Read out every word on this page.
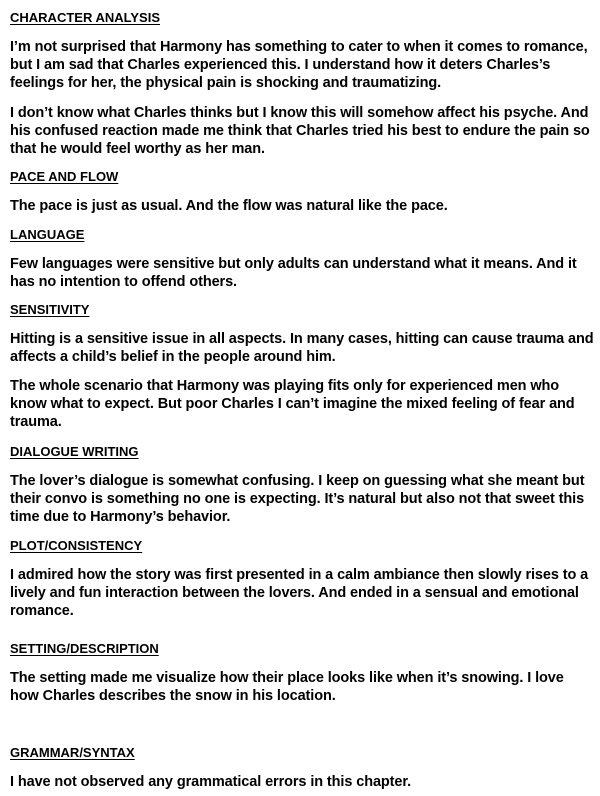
CHARACTER ANALYSIS
I’m not surprised that Harmony has something to cater to when it comes to romance, but I am sad that Charles experienced this. I understand how it deters Charles’s feelings for her, the physical pain is shocking and traumatizing.
I don’t know what Charles thinks but I know this will somehow affect his psyche. And his confused reaction made me think that Charles tried his best to endure the pain so that he would feel worthy as her man.
PACE AND FLOW
The pace is just as usual. And the flow was natural like the pace.
LANGUAGE
Few languages were sensitive but only adults can understand what it means. And it has no intention to offend others.
SENSITIVITY
Hitting is a sensitive issue in all aspects. In many cases, hitting can cause trauma and affects a child’s belief in the people around him.
The whole scenario that Harmony was playing fits only for experienced men who know what to expect. But poor Charles I can’t imagine the mixed feeling of fear and trauma.
DIALOGUE WRITING
The lover’s dialogue is somewhat confusing. I keep on guessing what she meant but their convo is something no one is expecting. It’s natural but also not that sweet this time due to Harmony’s behavior.
PLOT/CONSISTENCY
I admired how the story was first presented in a calm ambiance then slowly rises to a lively and fun interaction between the lovers. And ended in a sensual and emotional romance.
SETTING/DESCRIPTION
The setting made me visualize how their place looks like when it’s snowing. I love how Charles describes the snow in his location.
GRAMMAR/SYNTAX
I have not observed any grammatical errors in this chapter.
